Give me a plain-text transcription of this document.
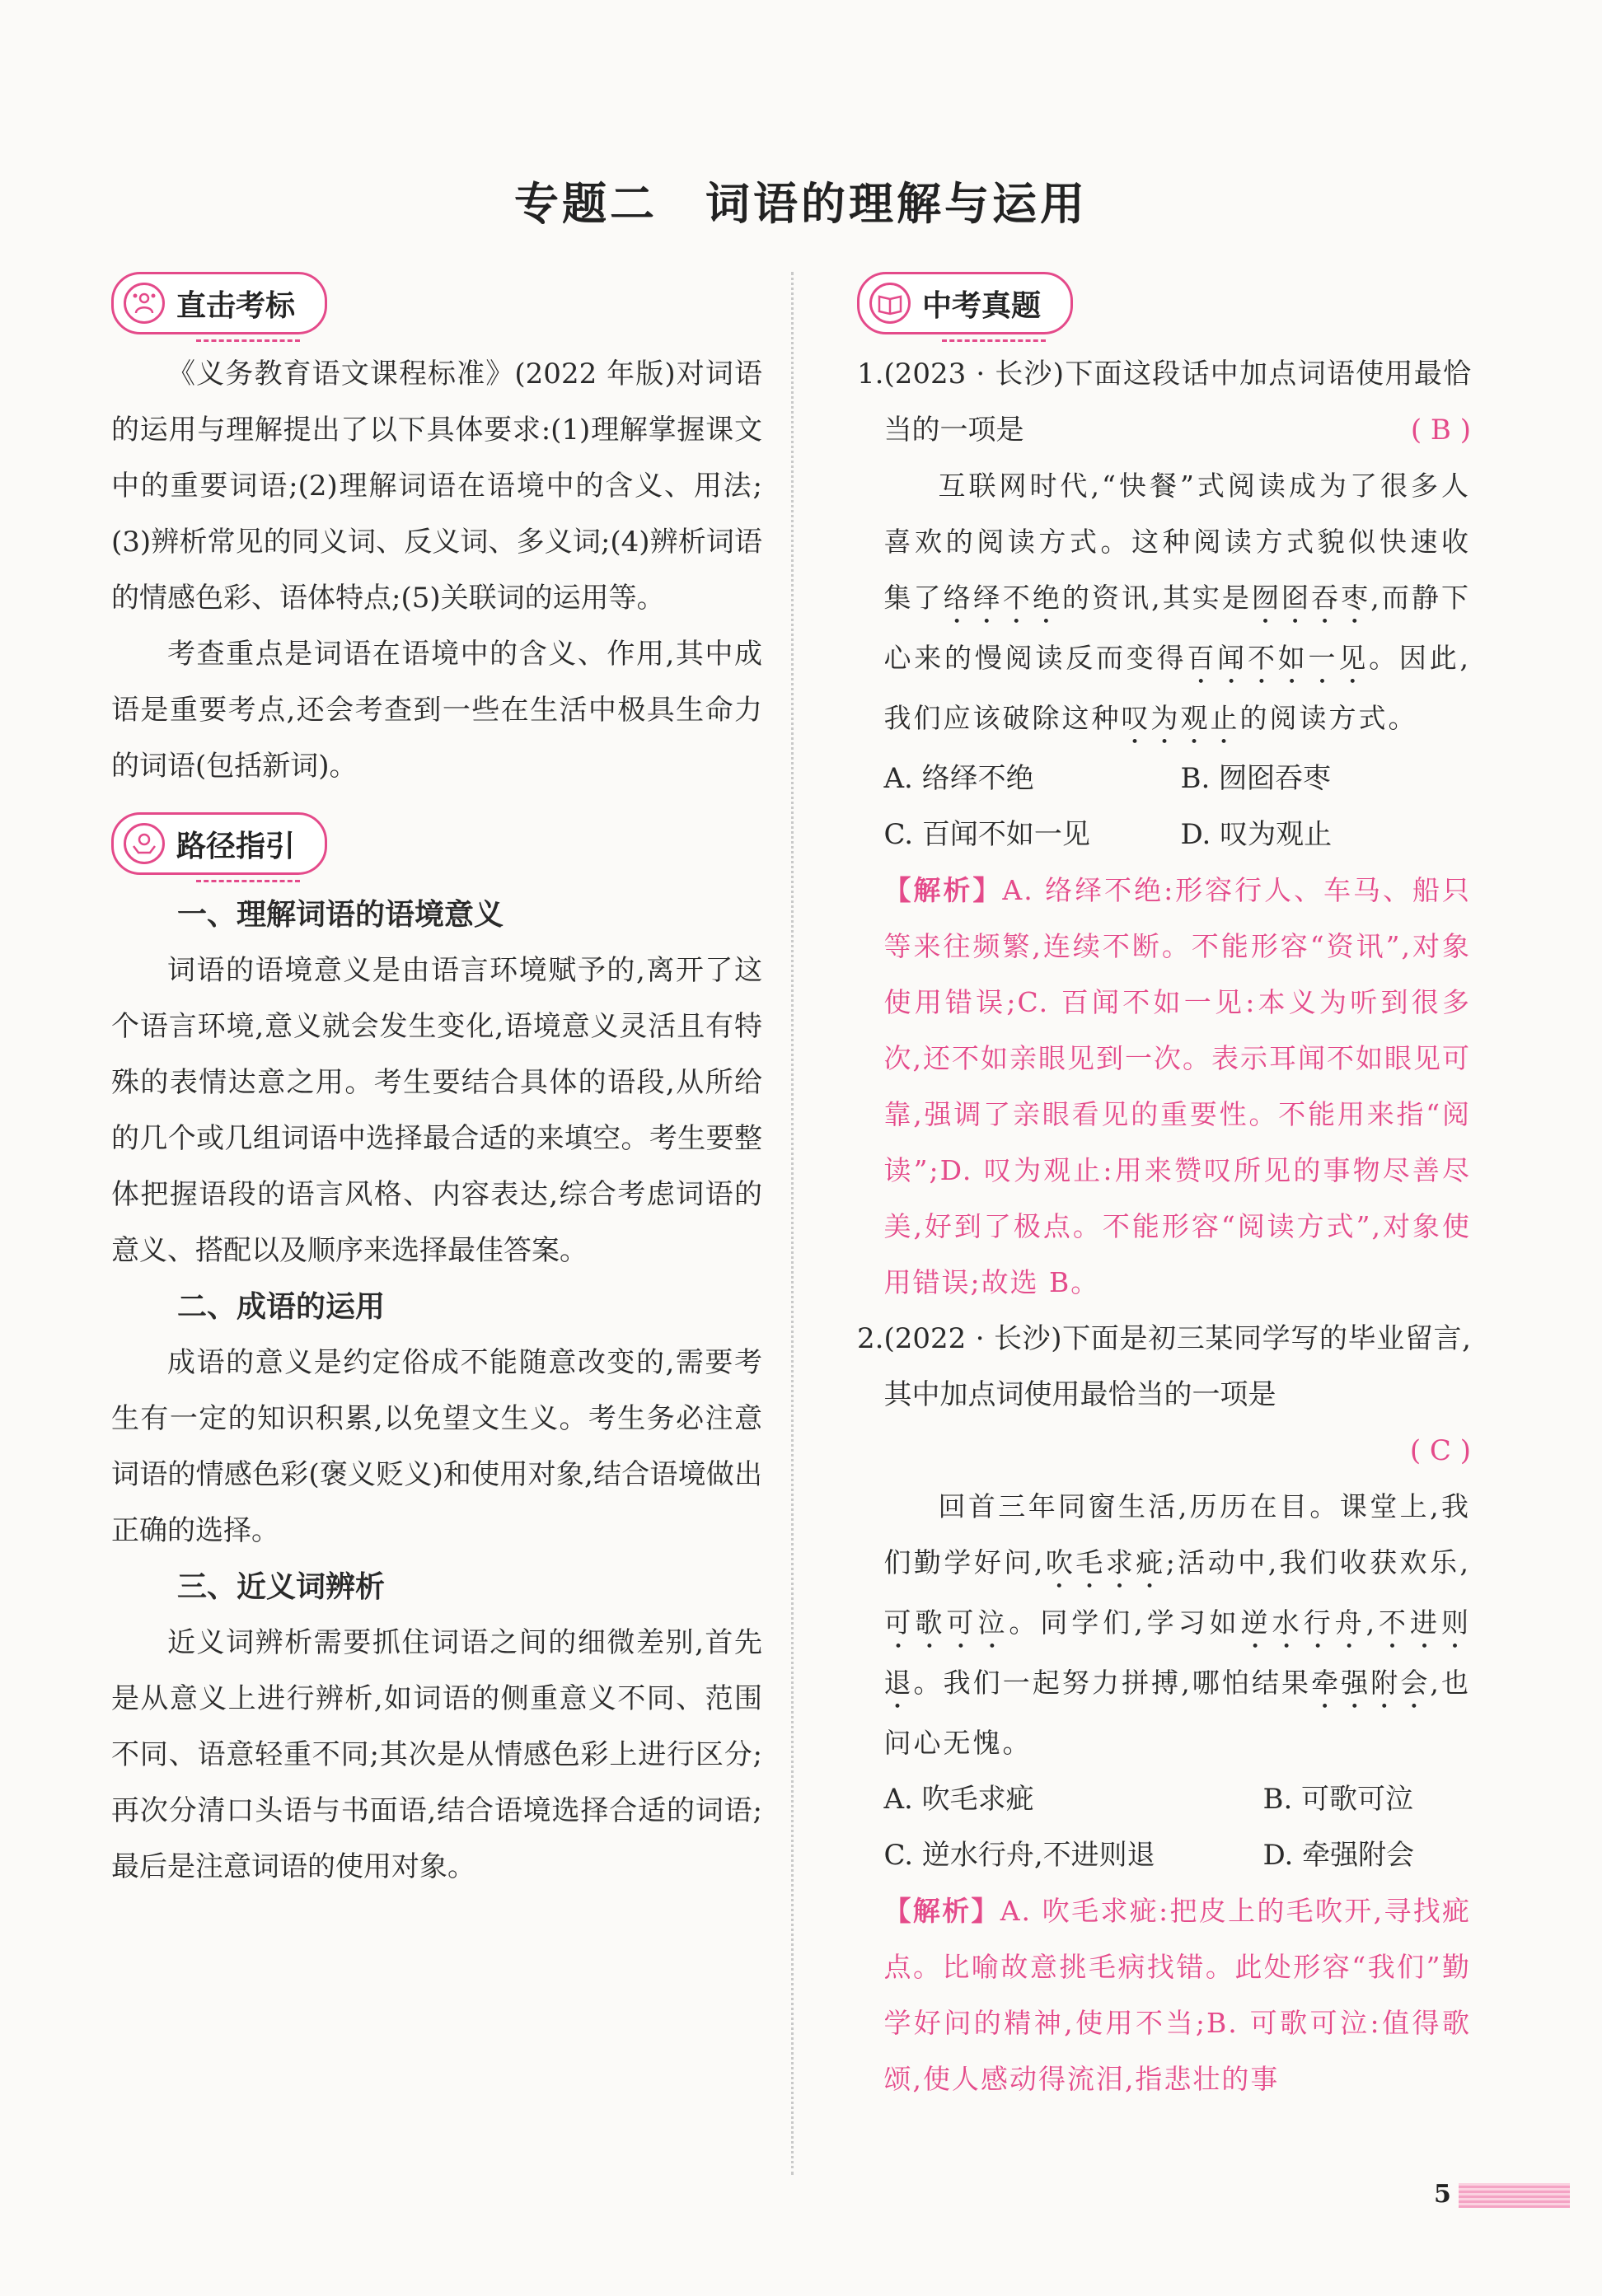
专题二　词语的理解与运用
直击考标

《义务教育语文课程标准》(2022 年版)对词语的运用与理解提出了以下具体要求:(1)理解掌握课文中的重要词语;(2)理解词语在语境中的含义、用法;(3)辨析常见的同义词、反义词、多义词;(4)辨析词语的情感色彩、语体特点;(5)关联词的运用等。

考查重点是词语在语境中的含义、作用,其中成语是重要考点,还会考查到一些在生活中极具生命力的词语(包括新词)。

路径指引
一、理解词语的语境意义

词语的语境意义是由语言环境赋予的,离开了这个语言环境,意义就会发生变化,语境意义灵活且有特殊的表情达意之用。考生要结合具体的语段,从所给的几个或几组词语中选择最合适的来填空。考生要整体把握语段的语言风格、内容表达,综合考虑词语的意义、搭配以及顺序来选择最佳答案。

二、成语的运用

成语的意义是约定俗成不能随意改变的,需要考生有一定的知识积累,以免望文生义。考生务必注意词语的情感色彩(褒义贬义)和使用对象,结合语境做出正确的选择。

三、近义词辨析

近义词辨析需要抓住词语之间的细微差别,首先是从意义上进行辨析,如词语的侧重意义不同、范围不同、语意轻重不同;其次是从情感色彩上进行区分;再次分清口头语与书面语,结合语境选择合适的词语;最后是注意词语的使用对象。

中考真题
1. (2023 · 长沙)下面这段话中加点词语使用最恰当的一项是	( B )

互联网时代,“快餐”式阅读成为了很多人喜欢的阅读方式。这种阅读方式貌似快速收集了络绎不绝的资讯,其实是囫囵吞枣,而静下心来的慢阅读反而变得百闻不如一见。因此,我们应该破除这种叹为观止的阅读方式。

A. 络绎不绝	B. 囫囵吞枣
C. 百闻不如一见	D. 叹为观止

【解析】A. 络绎不绝:形容行人、车马、船只等来往频繁,连续不断。不能形容“资讯”,对象使用错误;C. 百闻不如一见:本义为听到很多次,还不如亲眼见到一次。表示耳闻不如眼见可靠,强调了亲眼看见的重要性。不能用来指“阅读”;D. 叹为观止:用来赞叹所见的事物尽善尽美,好到了极点。不能形容“阅读方式”,对象使用错误;故选 B。

2. (2022 · 长沙)下面是初三某同学写的毕业留言,其中加点词使用最恰当的一项是

( C )

回首三年同窗生活,历历在目。课堂上,我们勤学好问,吹毛求疵;活动中,我们收获欢乐,可歌可泣。同学们,学习如逆水行舟,不进则退。我们一起努力拼搏,哪怕结果牵强附会,也问心无愧。

A. 吹毛求疵	B. 可歌可泣
C. 逆水行舟,不进则退	D. 牵强附会

【解析】A. 吹毛求疵:把皮上的毛吹开,寻找疵点。比喻故意挑毛病找错。此处形容“我们”勤学好问的精神,使用不当;B. 可歌可泣:值得歌颂,使人感动得流泪,指悲壮的事

5
